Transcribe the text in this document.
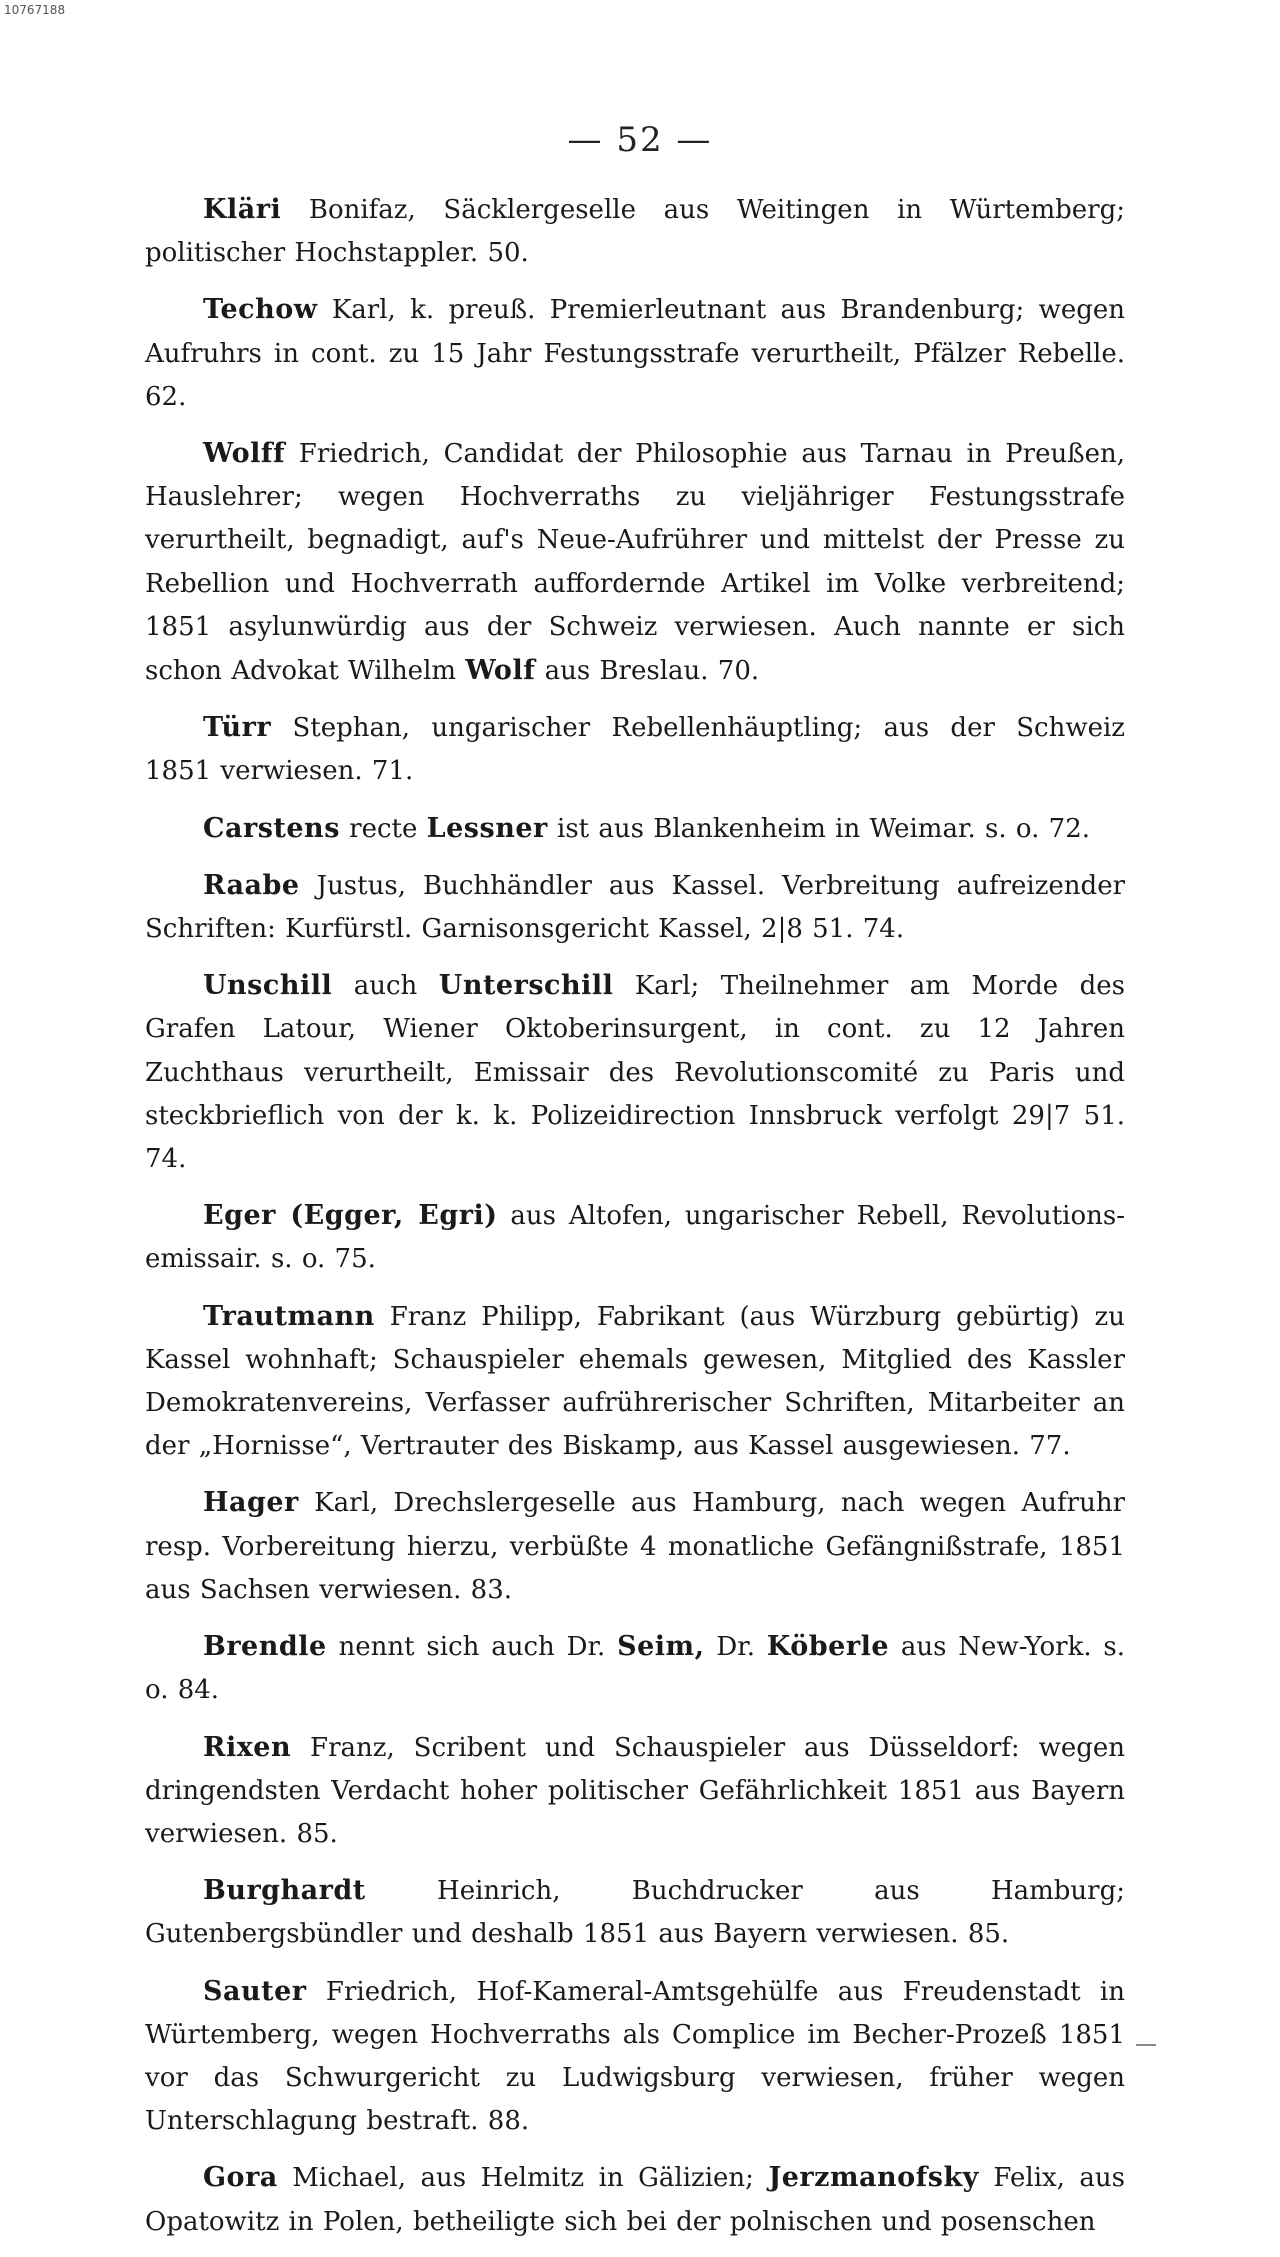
10767188
— 52 —

Kläri Bonifaz, Säcklergeselle aus Weitingen in Würtemberg; politischer Hochstappler. 50.

Techow Karl, k. preuß. Premierleutnant aus Brandenburg; wegen Aufruhrs in cont. zu 15 Jahr Festungsstrafe verurtheilt, Pfälzer Rebelle. 62.

Wolff Friedrich, Candidat der Philosophie aus Tarnau in Preußen, Hauslehrer; wegen Hochverraths zu vieljähriger Festungsstrafe verurtheilt, begnadigt, auf's Neue-Aufrührer und mittelst der Presse zu Rebellion und Hochverrath auffordernde Artikel im Volke verbreitend; 1851 asylunwürdig aus der Schweiz verwiesen. Auch nannte er sich schon Advokat Wilhelm Wolf aus Breslau. 70.

Türr Stephan, ungarischer Rebellenhäuptling; aus der Schweiz 1851 verwiesen. 71.

Carstens recte Lessner ist aus Blankenheim in Weimar. s. o. 72.

Raabe Justus, Buchhändler aus Kassel. Verbreitung aufreizender Schriften: Kurfürstl. Garnisonsgericht Kassel, 2|8 51. 74.

Unschill auch Unterschill Karl; Theilnehmer am Morde des Grafen Latour, Wiener Oktoberinsurgent, in cont. zu 12 Jahren Zuchthaus verurtheilt, Emissair des Revolutionscomité zu Paris und steckbrieflich von der k. k. Polizeidirection Innsbruck verfolgt 29|7 51. 74.

Eger (Egger, Egri) aus Altofen, ungarischer Rebell, Revolutions-emissair. s. o. 75.

Trautmann Franz Philipp, Fabrikant (aus Würzburg gebürtig) zu Kassel wohnhaft; Schauspieler ehemals gewesen, Mitglied des Kassler Demokratenvereins, Verfasser aufrührerischer Schriften, Mitarbeiter an der „Hornisse“, Vertrauter des Biskamp, aus Kassel ausgewiesen. 77.

Hager Karl, Drechslergeselle aus Hamburg, nach wegen Aufruhr resp. Vorbereitung hierzu, verbüßte 4 monatliche Gefängnißstrafe, 1851 aus Sachsen verwiesen. 83.

Brendle nennt sich auch Dr. Seim, Dr. Köberle aus New-York. s. o. 84.

Rixen Franz, Scribent und Schauspieler aus Düsseldorf: wegen dringendsten Verdacht hoher politischer Gefährlichkeit 1851 aus Bayern verwiesen. 85.

Burghardt	Heinrich, Buchdrucker aus Hamburg; Gutenbergsbündler und deshalb 1851 aus Bayern verwiesen. 85.

Sauter Friedrich, Hof-Kameral-Amtsgehülfe aus Freudenstadt in Würtemberg, wegen Hochverraths als Complice im Becher-Prozeß 1851 vor das Schwurgericht zu Ludwigsburg verwiesen, früher wegen Unterschlagung bestraft. 88.

Gora Michael, aus Helmitz in Gälizien; Jerzmanofsky Felix, aus Opatowitz in Polen, betheiligte sich bei der polnischen und posenschen
